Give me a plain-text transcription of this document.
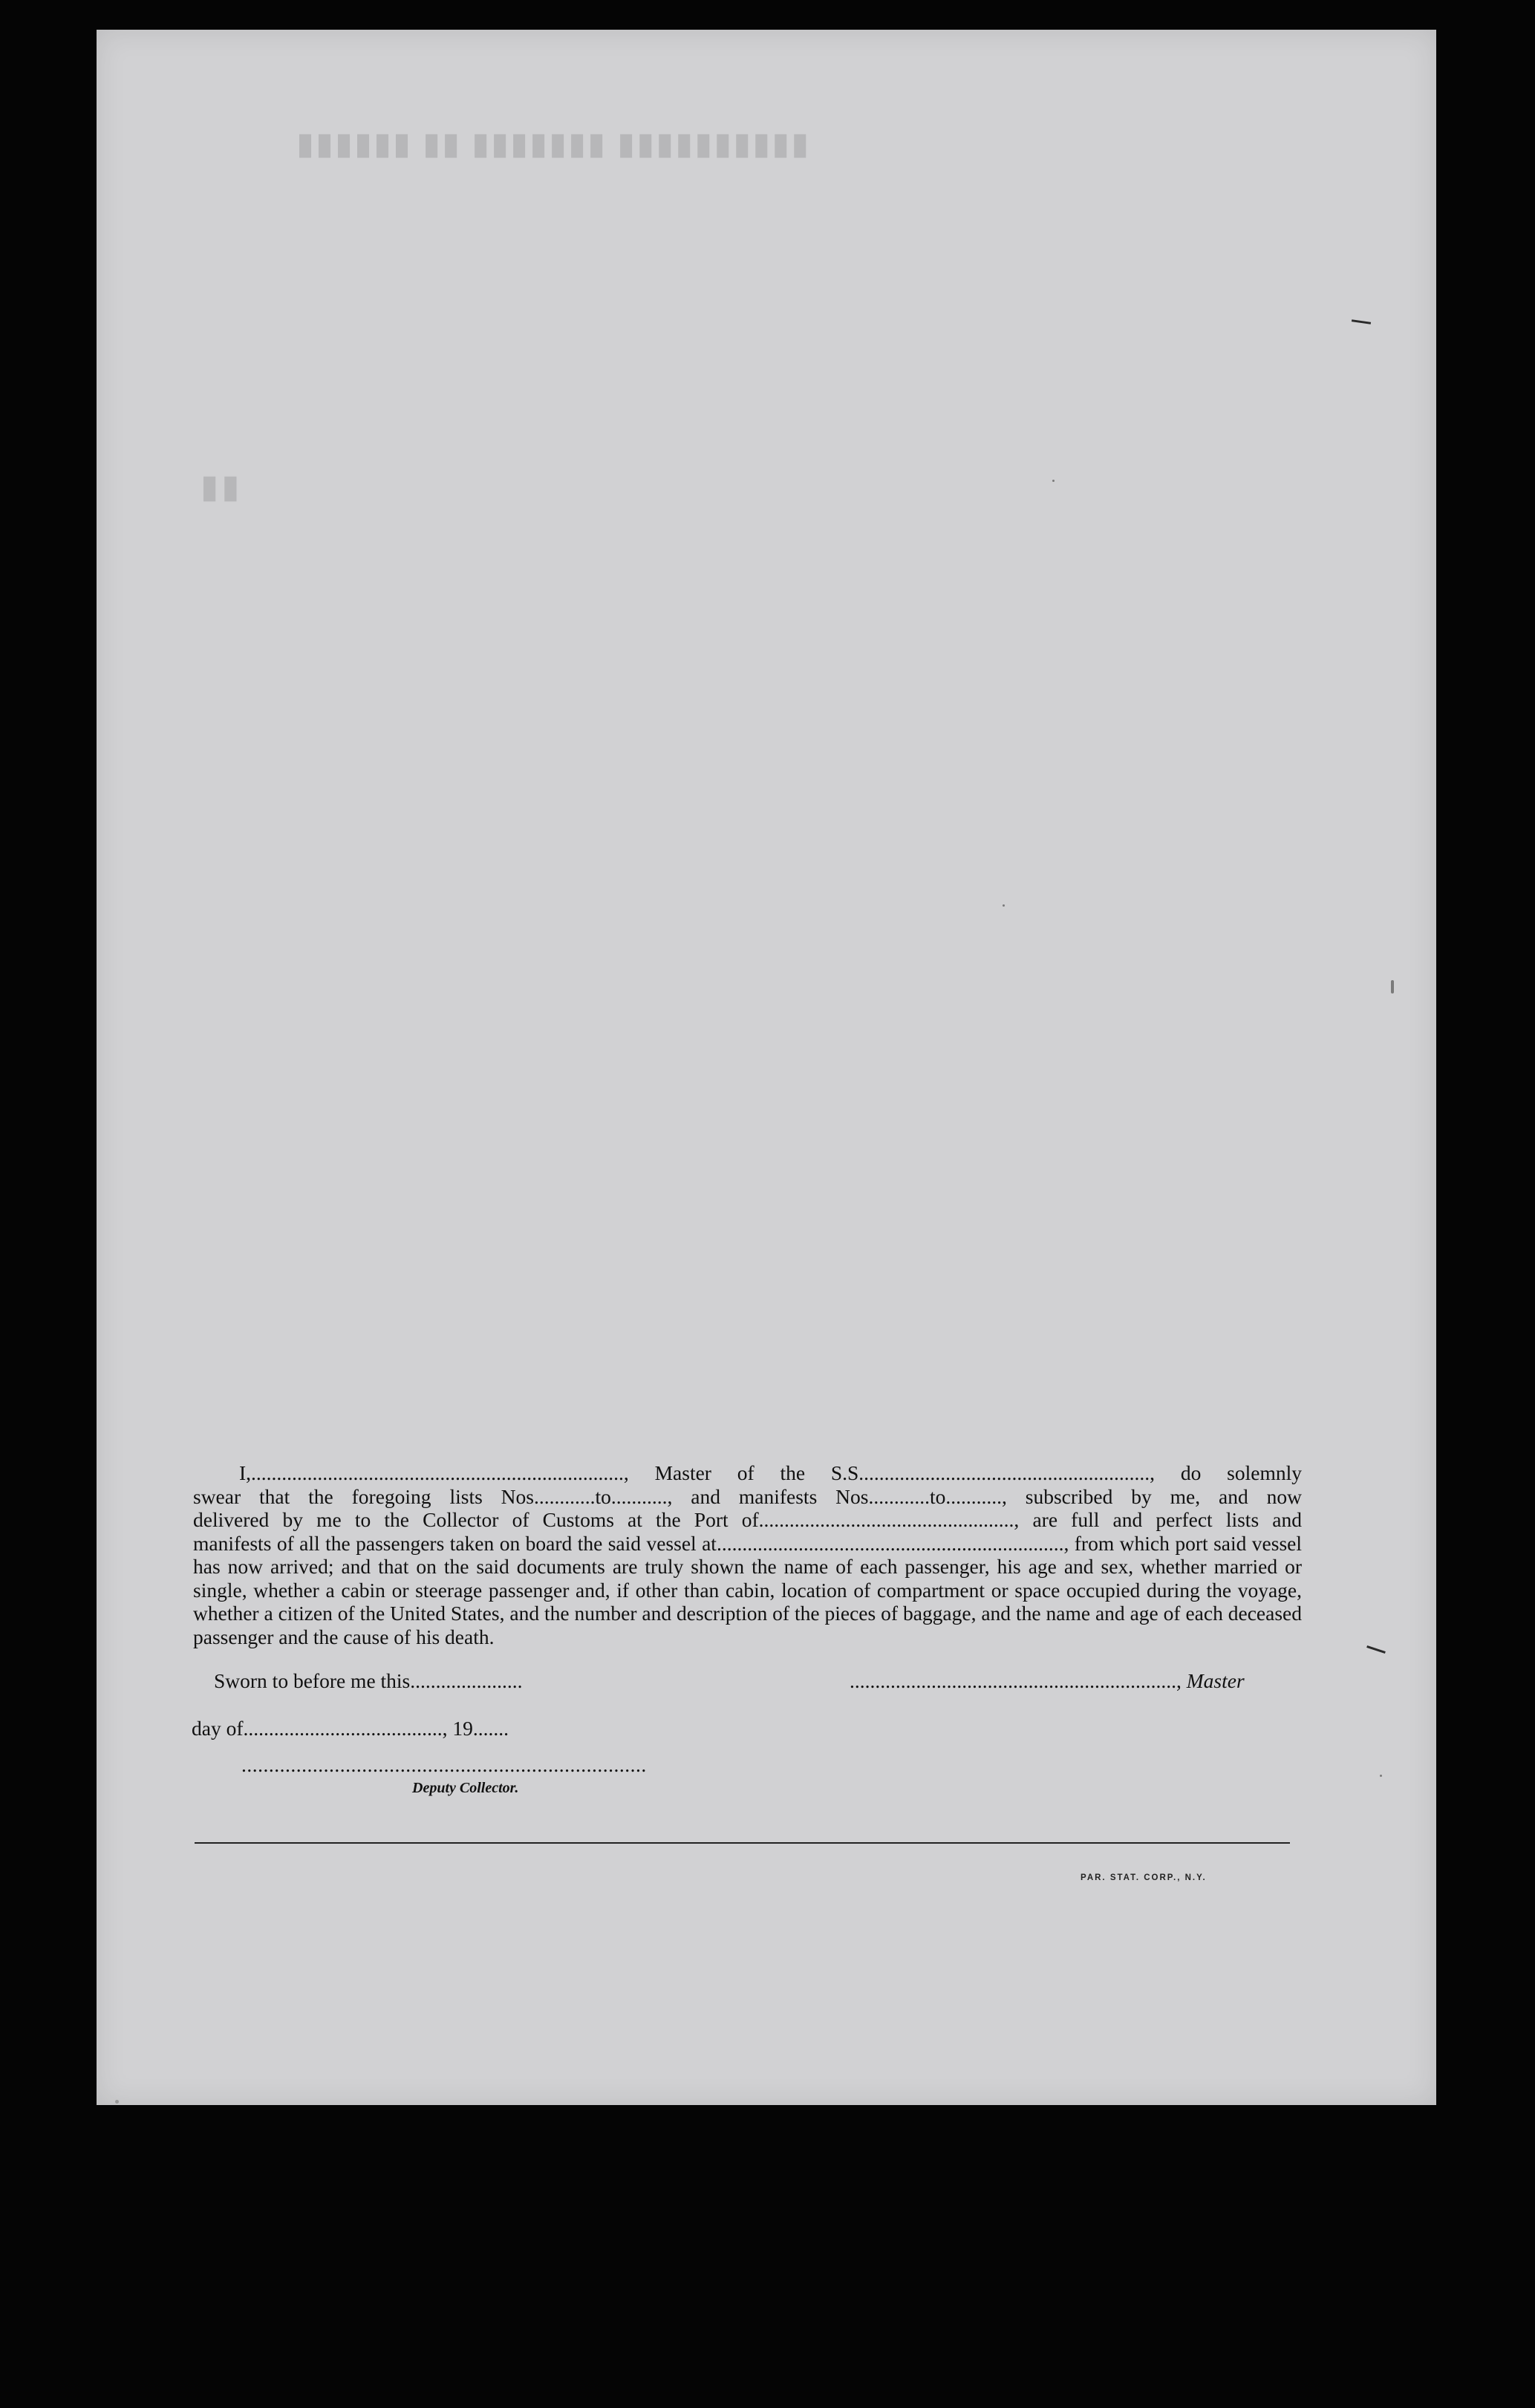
▮▮▮▮▮▮ ▮▮ ▮▮▮▮▮▮▮ ▮▮▮▮▮▮▮▮▮▮
▮▮

I,........................................................................., Master of the S.S........................................................., do solemnly swear that the foregoing lists Nos............to..........., and manifests Nos............to..........., subscribed by me, and now delivered by me to the Collector of Customs at the Port of.................................................., are full and perfect lists and manifests of all the passengers taken on board the said vessel at...................................................................., from which port said vessel has now arrived; and that on the said documents are truly shown the name of each passenger, his age and sex, whether married or single, whether a cabin or steerage passenger and, if other than cabin, location of compartment or space occupied during the voyage, whether a citizen of the United States, and the number and description of the pieces of baggage, and the name and age of each deceased passenger and the cause of his death.

Sworn to before me this......................	................................................................, Master
day of......................................., 19.......
..........................................................................
Deputy Collector.
PAR. STAT. CORP., N.Y.
